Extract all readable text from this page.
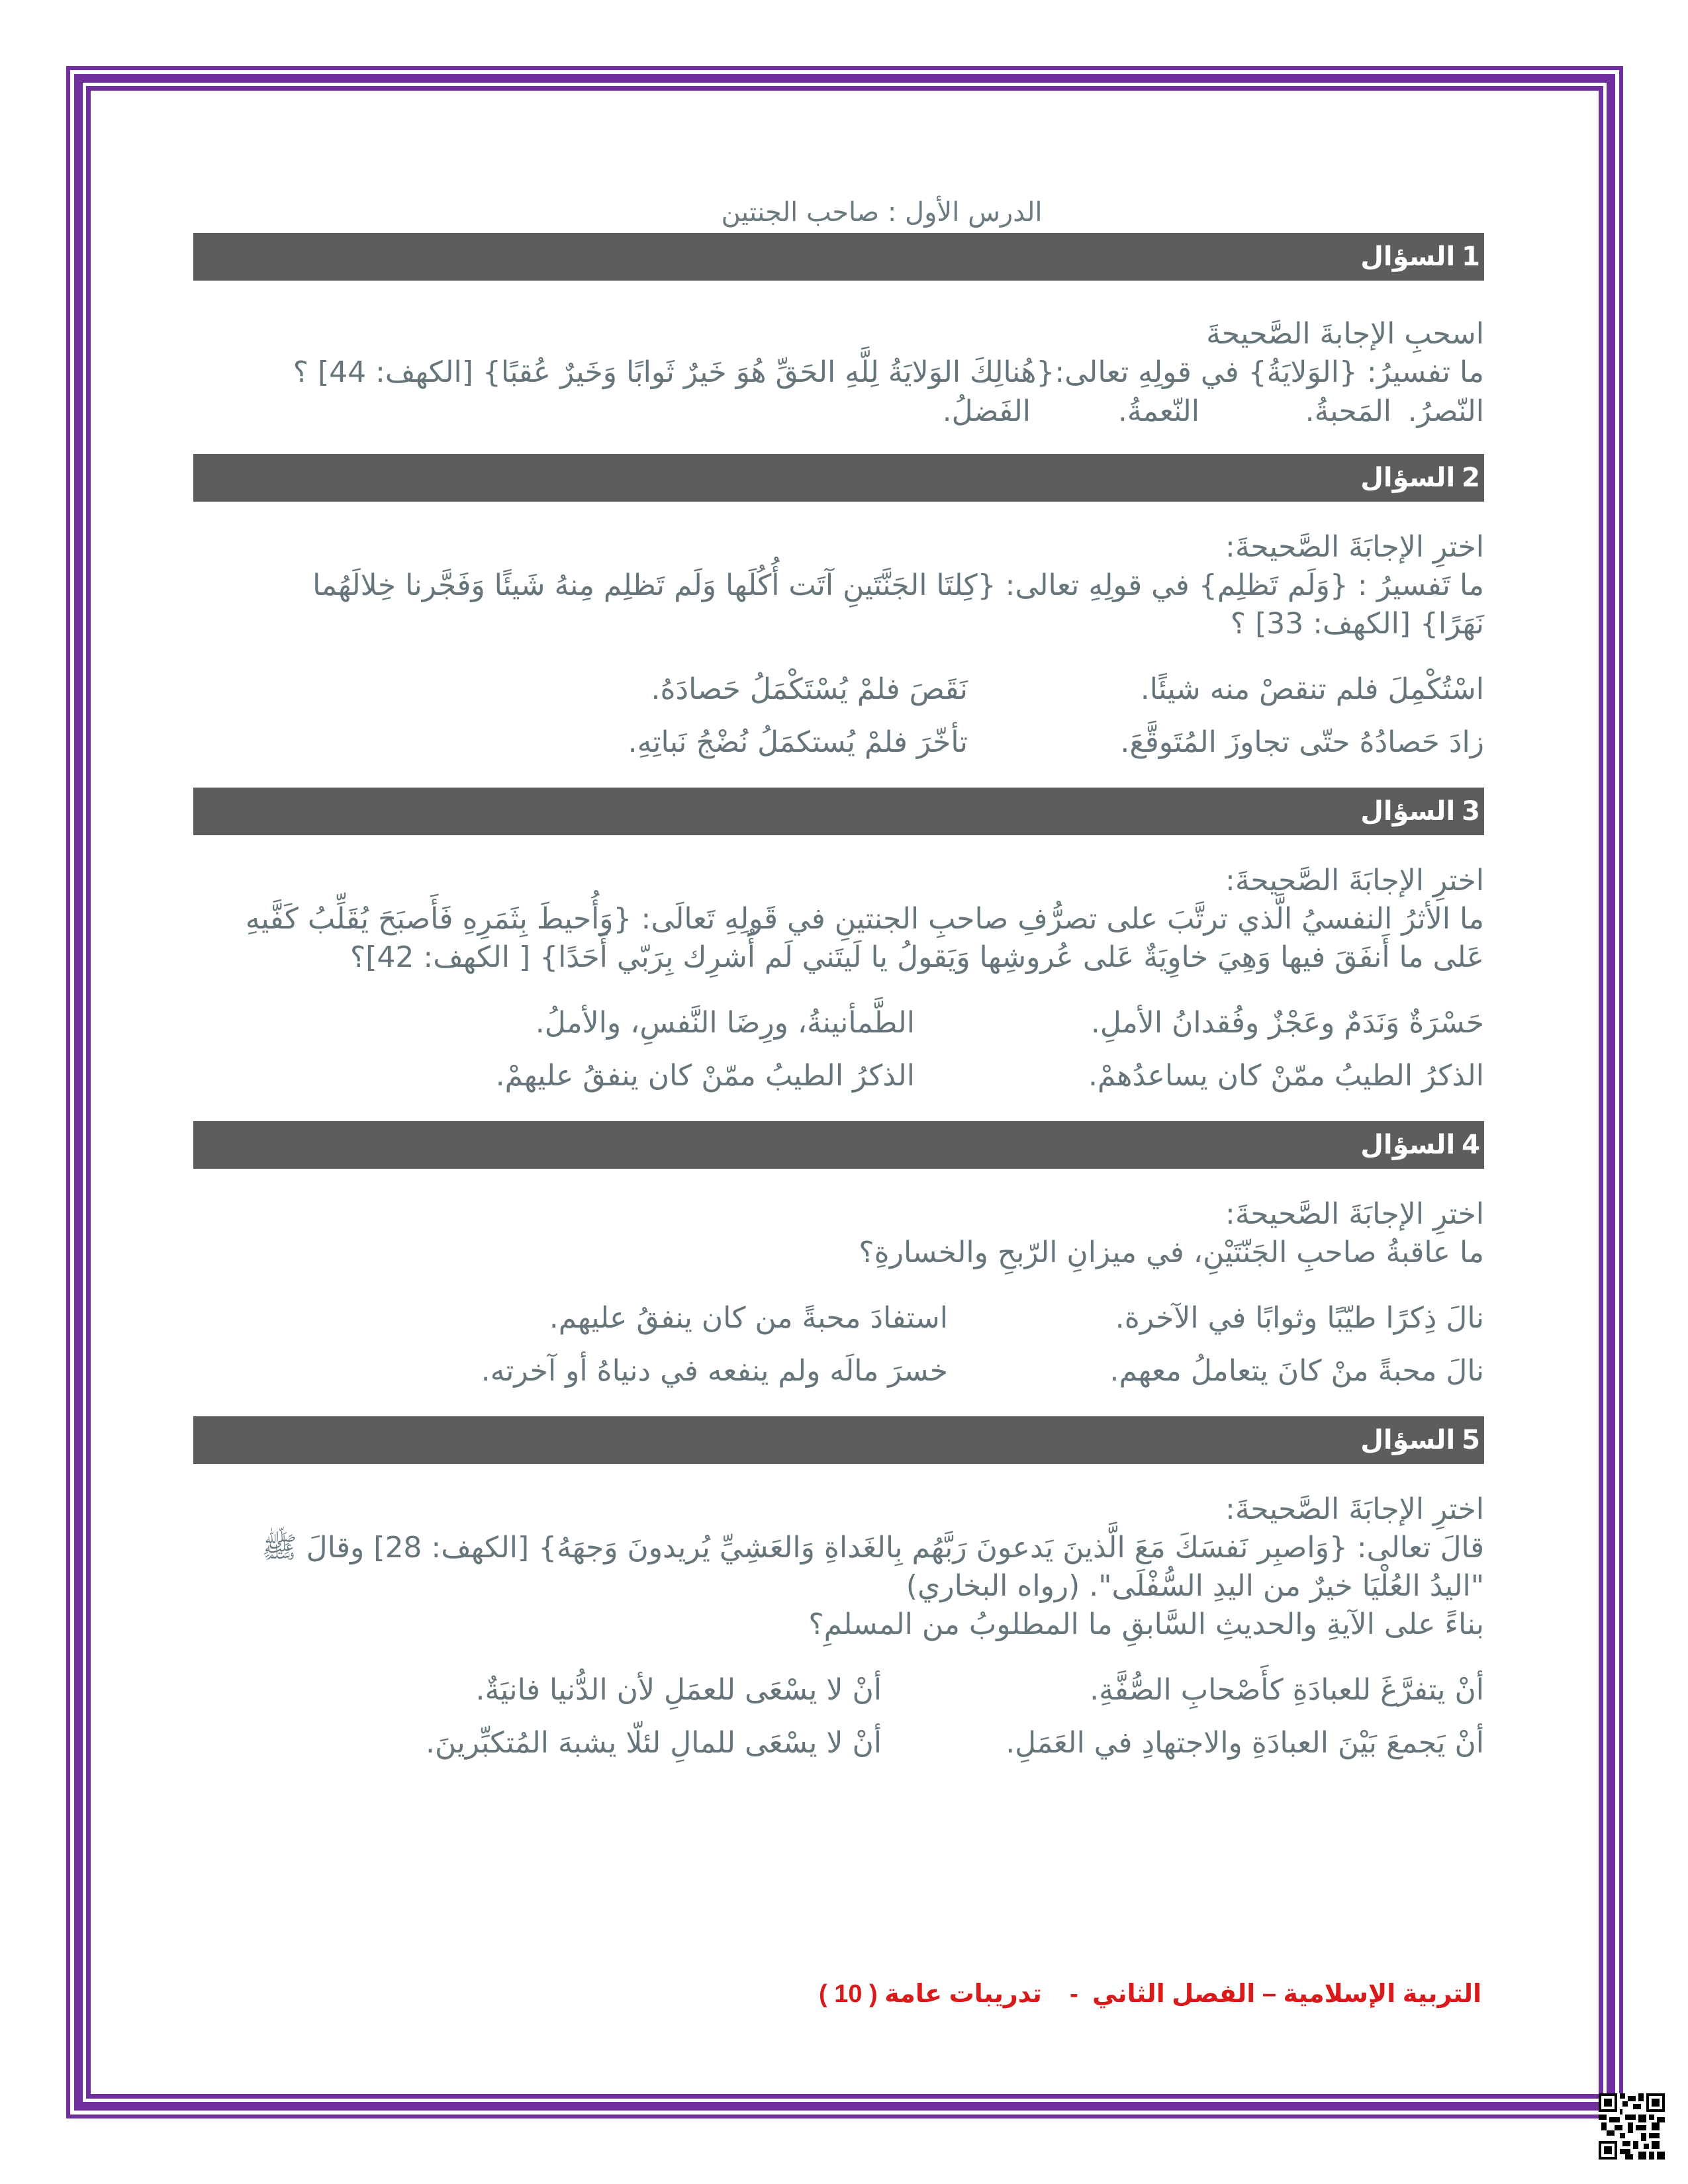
الدرس الأول : صاحب الجنتين
1
السؤال
اسحبِ الإجابةَ الصَّحيحةَ
ما تفسيرُ: {الوَلايَةُ} في قولِهِ تعالى:{هُنالِكَ الوَلايَةُ لِلَّهِ الحَقِّ هُوَ خَيرٌ ثَوابًا وَخَيرٌ عُقبًا} [الكهف: 44] ؟
النّصرُ.
المَحبةُ.
النّعمةُ.
الفَضلُ.
2
السؤال
اخترِ الإجابَةَ الصَّحيحةَ:
ما تَفسيرُ : {وَلَم تَظلِم} في قولِهِ تعالى: {كِلتَا الجَنَّتَينِ آتَت أُكُلَها وَلَم تَظلِم مِنهُ شَيئًا وَفَجَّرنا خِلالَهُما
نَهَرًا} [الكهف: 33] ؟
اسْتُكْمِلَ فلم تنقصْ منه شيئًا.
نَقَصَ فلمْ يُسْتَكْمَلُ حَصادَهُ.
زادَ حَصادُهُ حتّى تجاوزَ المُتَوقَّعَ.
تأخّرَ فلمْ يُستكمَلُ نُضْجُ نَباتِهِ.
3
السؤال
اخترِ الإجابَةَ الصَّحيحةَ:
ما الأثرُ النفسيُ الَّذي ترتَّبَ على تصرُّفِ صاحبِ الجنتينِ في قَولِهِ تَعالَى: {وَأُحيطَ بِثَمَرِهِ فَأَصبَحَ يُقَلِّبُ كَفَّيهِ
عَلى ما أَنفَقَ فيها وَهِيَ خاوِيَةٌ عَلى عُروشِها وَيَقولُ يا لَيتَني لَم أُشرِك بِرَبّي أَحَدًا} [ الكهف: 42]؟
حَسْرَةٌ وَنَدَمٌ وعَجْزٌ وفُقدانُ الأملِ.
الطَّمأنينةُ، ورِضَا النَّفسِ، والأملُ.
الذكرُ الطيبُ ممّنْ كان يساعدُهمْ.
الذكرُ الطيبُ ممّنْ كان ينفقُ عليهمْ.
4
السؤال
اخترِ الإجابَةَ الصَّحيحةَ:
ما عاقبةُ صاحبِ الجَنّتَيْنِ، في ميزانِ الرّبحِ والخسارةِ؟
نالَ ذِكرًا طيّبًا وثوابًا في الآخرة.
استفادَ محبةً من كان ينفقُ عليهم.
نالَ محبةً منْ كانَ يتعاملُ معهم.
خسرَ مالَه ولم ينفعه في دنياهُ أو آخرته.
5
السؤال
اخترِ الإجابَةَ الصَّحيحةَ:
قالَ تعالى: {وَاصبِر نَفسَكَ مَعَ الَّذينَ يَدعونَ رَبَّهُم بِالغَداةِ وَالعَشِيِّ يُريدونَ وَجهَهُ} [الكهف: 28] وقالَ ﷺ
"اليدُ العُلْيَا خيرٌ من اليدِ السُّفْلَى". (رواه البخاري)
بناءً على الآيةِ والحديثِ السَّابقِ ما المطلوبُ من المسلمِ؟
أنْ يتفرَّغَ للعبادَةِ كأَصْحابِ الصُّفَّةِ.
أنْ لا يسْعَى للعمَلِ لأن الدُّنيا فانيَةٌ.
أنْ يَجمعَ بَيْنَ العبادَةِ والاجتهادِ في العَمَلِ.
أنْ لا يسْعَى للمالِ لئلّا يشبهَ المُتكبِّرينَ.
التربية الإسلامية – الفصل الثاني  -    تدريبات عامة ( 10 )
